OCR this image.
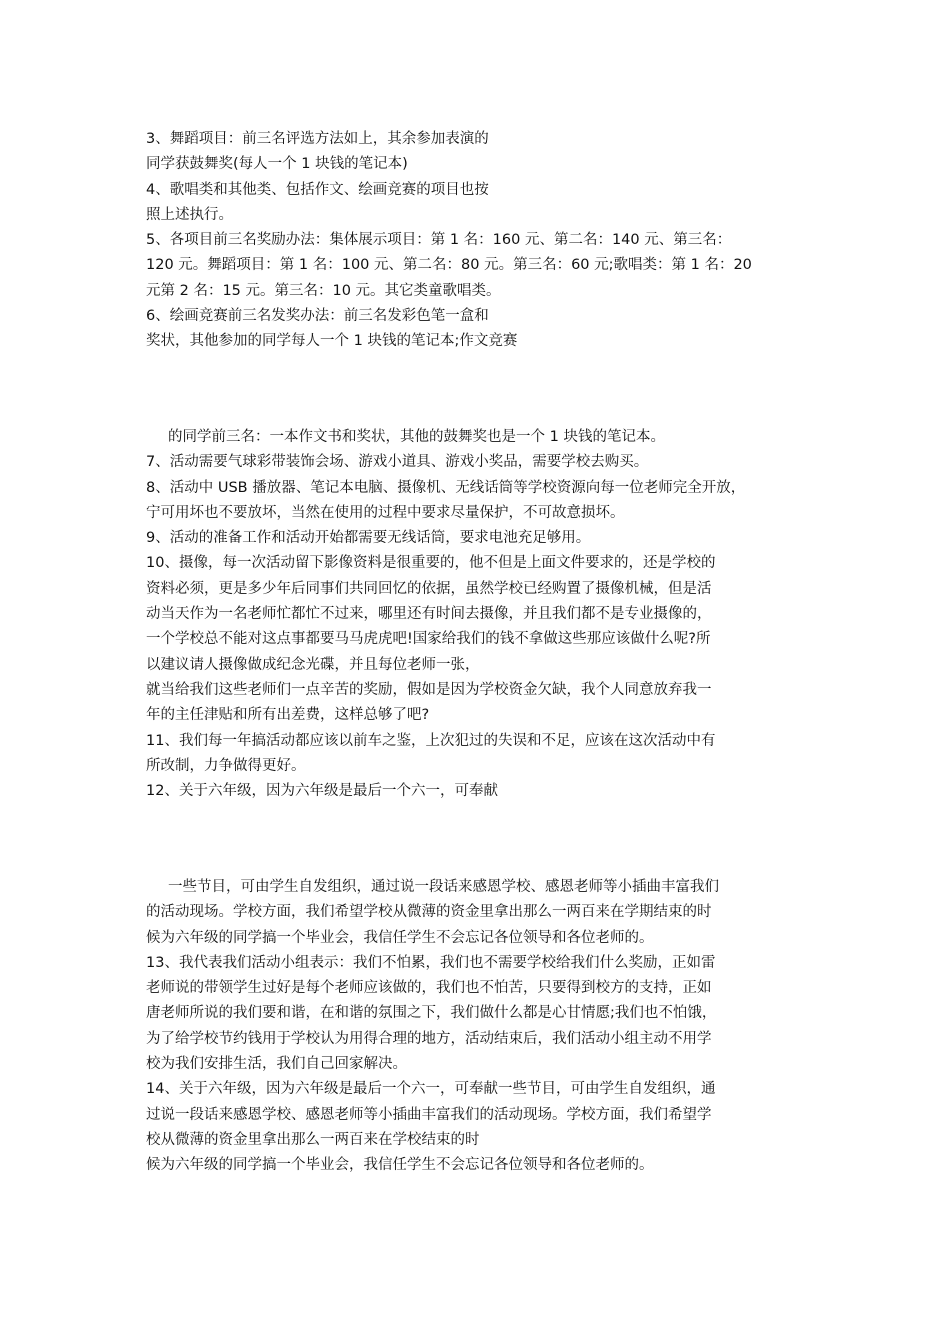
3、舞蹈项目：前三名评选方法如上，其余参加表演的
同学获鼓舞奖(每人一个 1 块钱的笔记本)
4、歌唱类和其他类、包括作文、绘画竞赛的项目也按
照上述执行。
5、各项目前三名奖励办法：集体展示项目：第 1 名：160 元、第二名：140 元、第三名：
120 元。舞蹈项目：第 1 名：100 元、第二名：80 元。第三名：60 元;歌唱类：第 1 名：20
元第 2 名：15 元。第三名：10 元。其它类童歌唱类。
6、绘画竞赛前三名发奖办法：前三名发彩色笔一盒和
奖状，其他参加的同学每人一个 1 块钱的笔记本;作文竞赛
的同学前三名：一本作文书和奖状，其他的鼓舞奖也是一个 1 块钱的笔记本。
7、活动需要气球彩带装饰会场、游戏小道具、游戏小奖品，需要学校去购买。
8、活动中 USB 播放器、笔记本电脑、摄像机、无线话筒等学校资源向每一位老师完全开放，
宁可用坏也不要放坏，当然在使用的过程中要求尽量保护，不可故意损坏。
9、活动的准备工作和活动开始都需要无线话筒，要求电池充足够用。
10、摄像，每一次活动留下影像资料是很重要的，他不但是上面文件要求的，还是学校的
资料必须，更是多少年后同事们共同回忆的依据，虽然学校已经购置了摄像机械，但是活
动当天作为一名老师忙都忙不过来，哪里还有时间去摄像，并且我们都不是专业摄像的，
一个学校总不能对这点事都要马马虎虎吧!国家给我们的钱不拿做这些那应该做什么呢?所
以建议请人摄像做成纪念光碟，并且每位老师一张，
就当给我们这些老师们一点辛苦的奖励，假如是因为学校资金欠缺，我个人同意放弃我一
年的主任津贴和所有出差费，这样总够了吧?
11、我们每一年搞活动都应该以前车之鉴，上次犯过的失误和不足，应该在这次活动中有
所改制，力争做得更好。
12、关于六年级，因为六年级是最后一个六一，可奉献
一些节目，可由学生自发组织，通过说一段话来感恩学校、感恩老师等小插曲丰富我们
的活动现场。学校方面，我们希望学校从微薄的资金里拿出那么一两百来在学期结束的时
候为六年级的同学搞一个毕业会，我信任学生不会忘记各位领导和各位老师的。
13、我代表我们活动小组表示：我们不怕累，我们也不需要学校给我们什么奖励，正如雷
老师说的带领学生过好是每个老师应该做的，我们也不怕苦，只要得到校方的支持，正如
唐老师所说的我们要和谐，在和谐的氛围之下，我们做什么都是心甘情愿;我们也不怕饿，
为了给学校节约钱用于学校认为用得合理的地方，活动结束后，我们活动小组主动不用学
校为我们安排生活，我们自己回家解决。
14、关于六年级，因为六年级是最后一个六一，可奉献一些节目，可由学生自发组织，通
过说一段话来感恩学校、感恩老师等小插曲丰富我们的活动现场。学校方面，我们希望学
校从微薄的资金里拿出那么一两百来在学校结束的时
候为六年级的同学搞一个毕业会，我信任学生不会忘记各位领导和各位老师的。
